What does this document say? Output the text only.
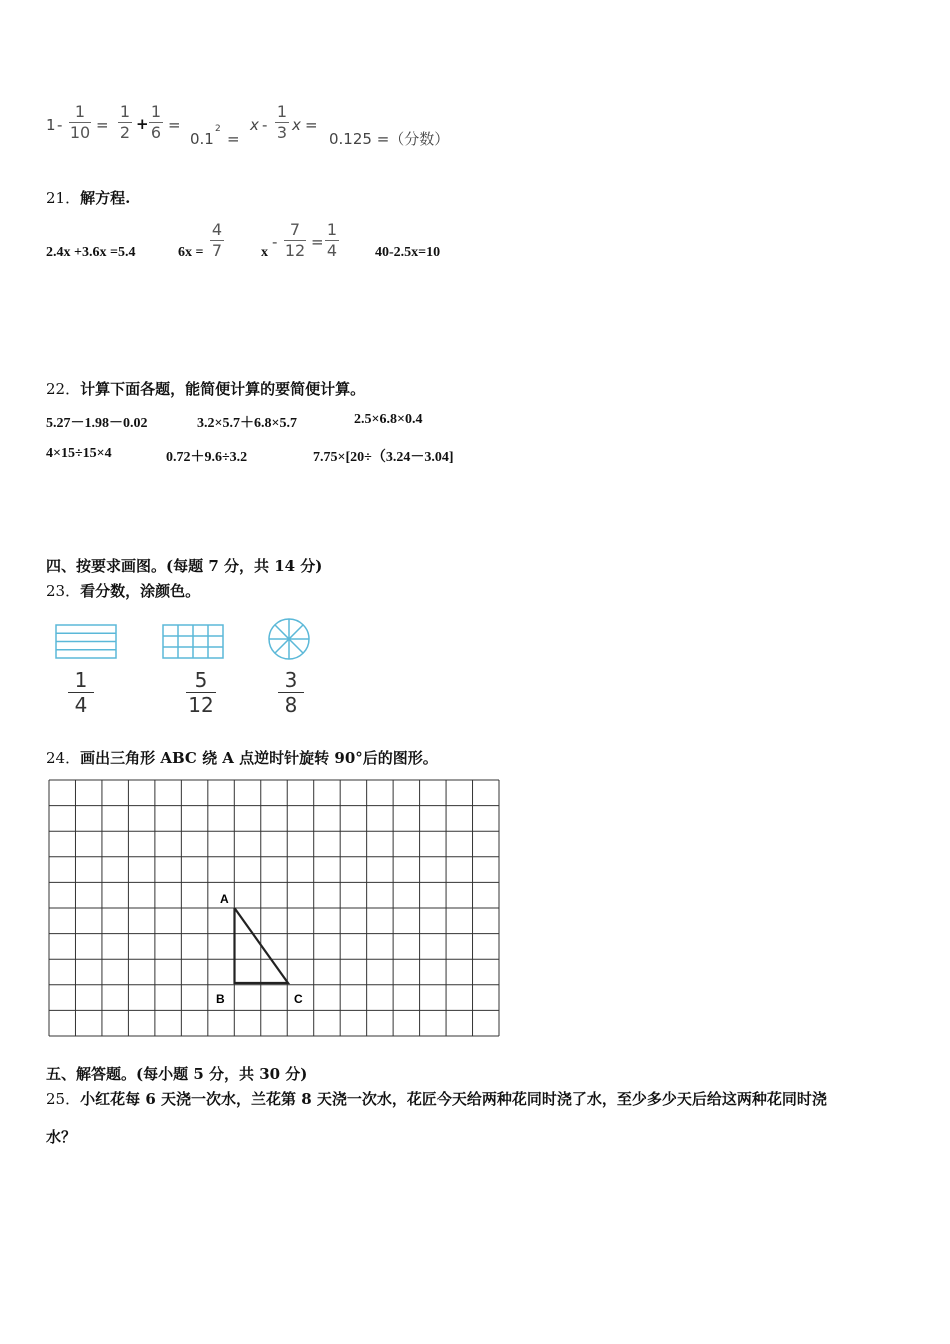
1 -
1
10 =
1
2 +
1
6 =
0.1
2
=
x -
1
3 x =
0.125 =（分数）
21．解方程.
2.4x +3.6x =5.4	6x =
4
7	x
-
7
12 =
1
4	40-2.5x=10
22．计算下面各题，能简便计算的要简便计算。
5.27－1.98－0.02	3.2×5.7＋6.8×5.7	2.5×6.8×0.4
4×15÷15×4	0.72＋9.6÷3.2	7.75×[20÷（3.24－3.04]
四、按要求画图。(每题 7 分，共 14 分)
23．看分数，涂颜色。
1
4
5
12
3
8
24．画出三角形 ABC 绕 A 点逆时针旋转 90°后的图形。
A
B	C
五、解答题。(每小题 5 分，共 30 分)
25．小红花每 6 天浇一次水，兰花第 8 天浇一次水，花匠今天给两种花同时浇了水，至少多少天后给这两种花同时浇
水？
